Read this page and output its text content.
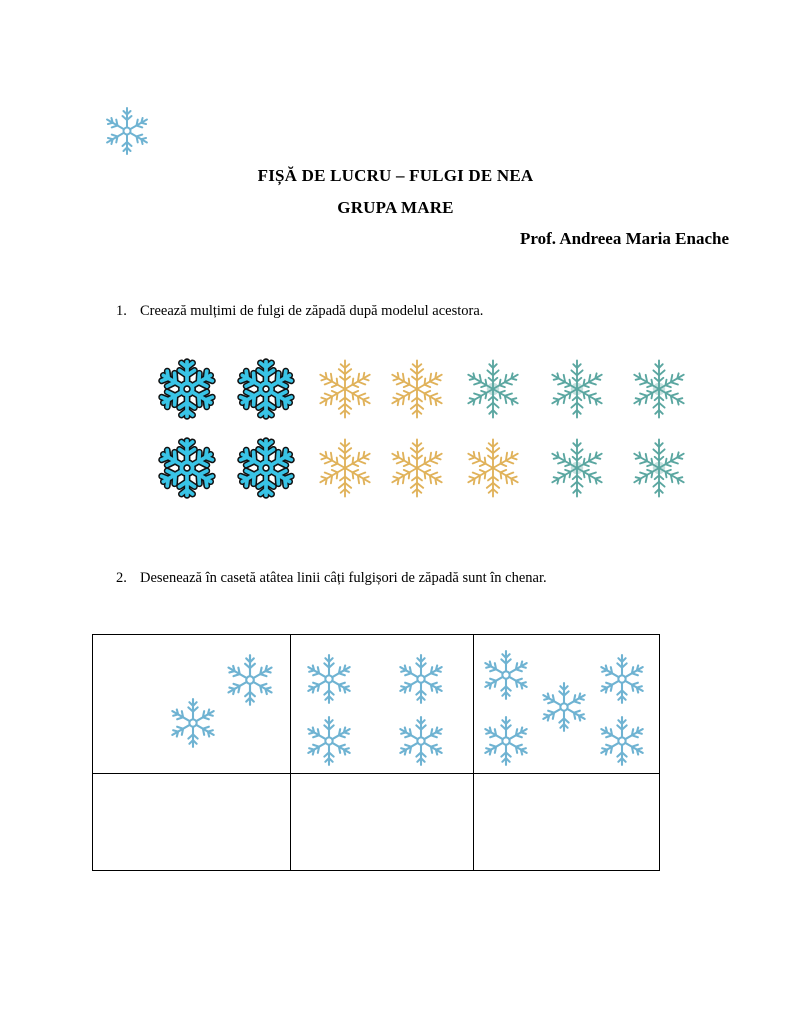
FIȘĂ DE LUCRU – FULGI DE NEA
GRUPA MARE
Prof. Andreea Maria Enache
1. Creează mulțimi de fulgi de zăpadă după modelul acestora.
2. Desenează în casetă atâtea linii câți fulgișori de zăpadă sunt în chenar.
